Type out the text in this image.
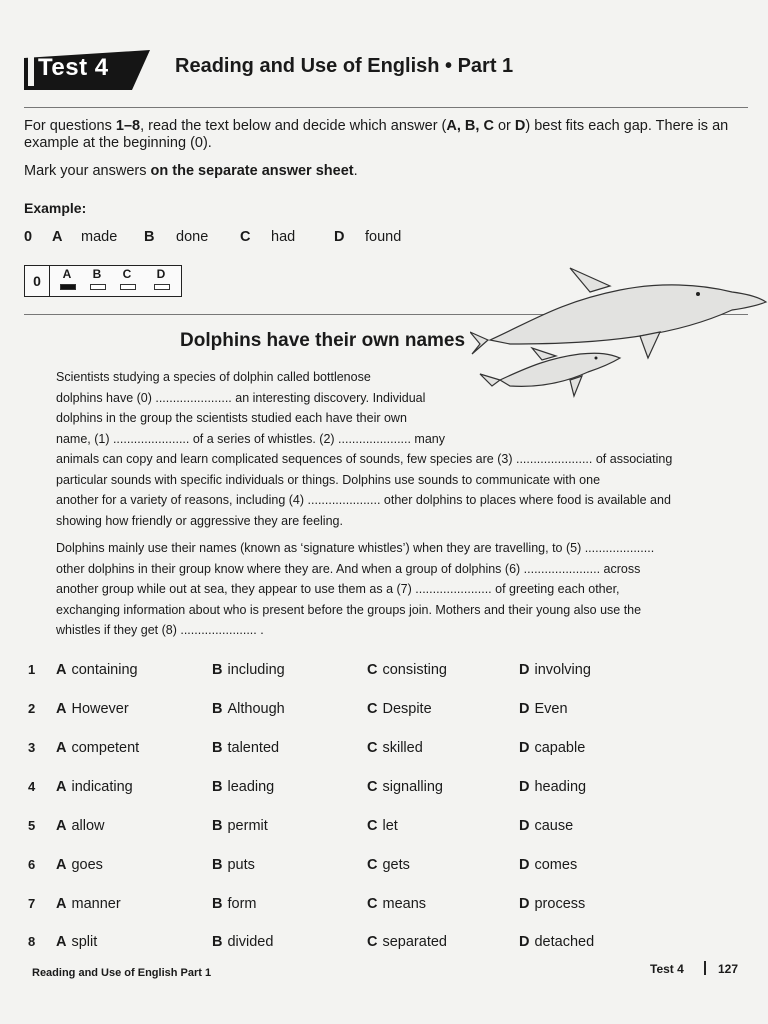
Test 4	Reading and Use of English • Part 1
For questions 1–8, read the text below and decide which answer (A, B, C or D) best fits each gap. There is an example at the beginning (0).
Mark your answers on the separate answer sheet.
Example:
0 A made B done C had	D found
0	A	B	C	D
Dolphins have their own names
Scientists studying a species of dolphin called bottlenose
dolphins have (0) ...................... an interesting discovery. Individual
dolphins in the group the scientists studied each have their own
name, (1) ...................... of a series of whistles. (2) ..................... many
animals can copy and learn complicated sequences of sounds, few species are (3) ...................... of associating
particular sounds with specific individuals or things. Dolphins use sounds to communicate with one
another for a variety of reasons, including (4) ..................... other dolphins to places where food is available and
showing how friendly or aggressive they are feeling.
Dolphins mainly use their names (known as ‘signature whistles’) when they are travelling, to (5) ....................
other dolphins in their group know where they are. And when a group of dolphins (6) ...................... across
another group while out at sea, they appear to use them as a (7) ...................... of greeting each other,
exchanging information about who is present before the groups join. Mothers and their young also use the
whistles if they get (8) ...................... .
1 A containing	B including	C consisting	D involving
2 A However	B Although	C Despite	D Even
3 A competent	B talented	C skilled	D capable
4 A indicating	B leading	C signalling	D heading
5 A allow	B permit	C let	D cause
6 A goes	B puts	C gets	D comes
7 A manner	B form	C means	D process
8 A split	B divided	C separated	D detached
Reading and Use of English Part 1	Test 4	127
